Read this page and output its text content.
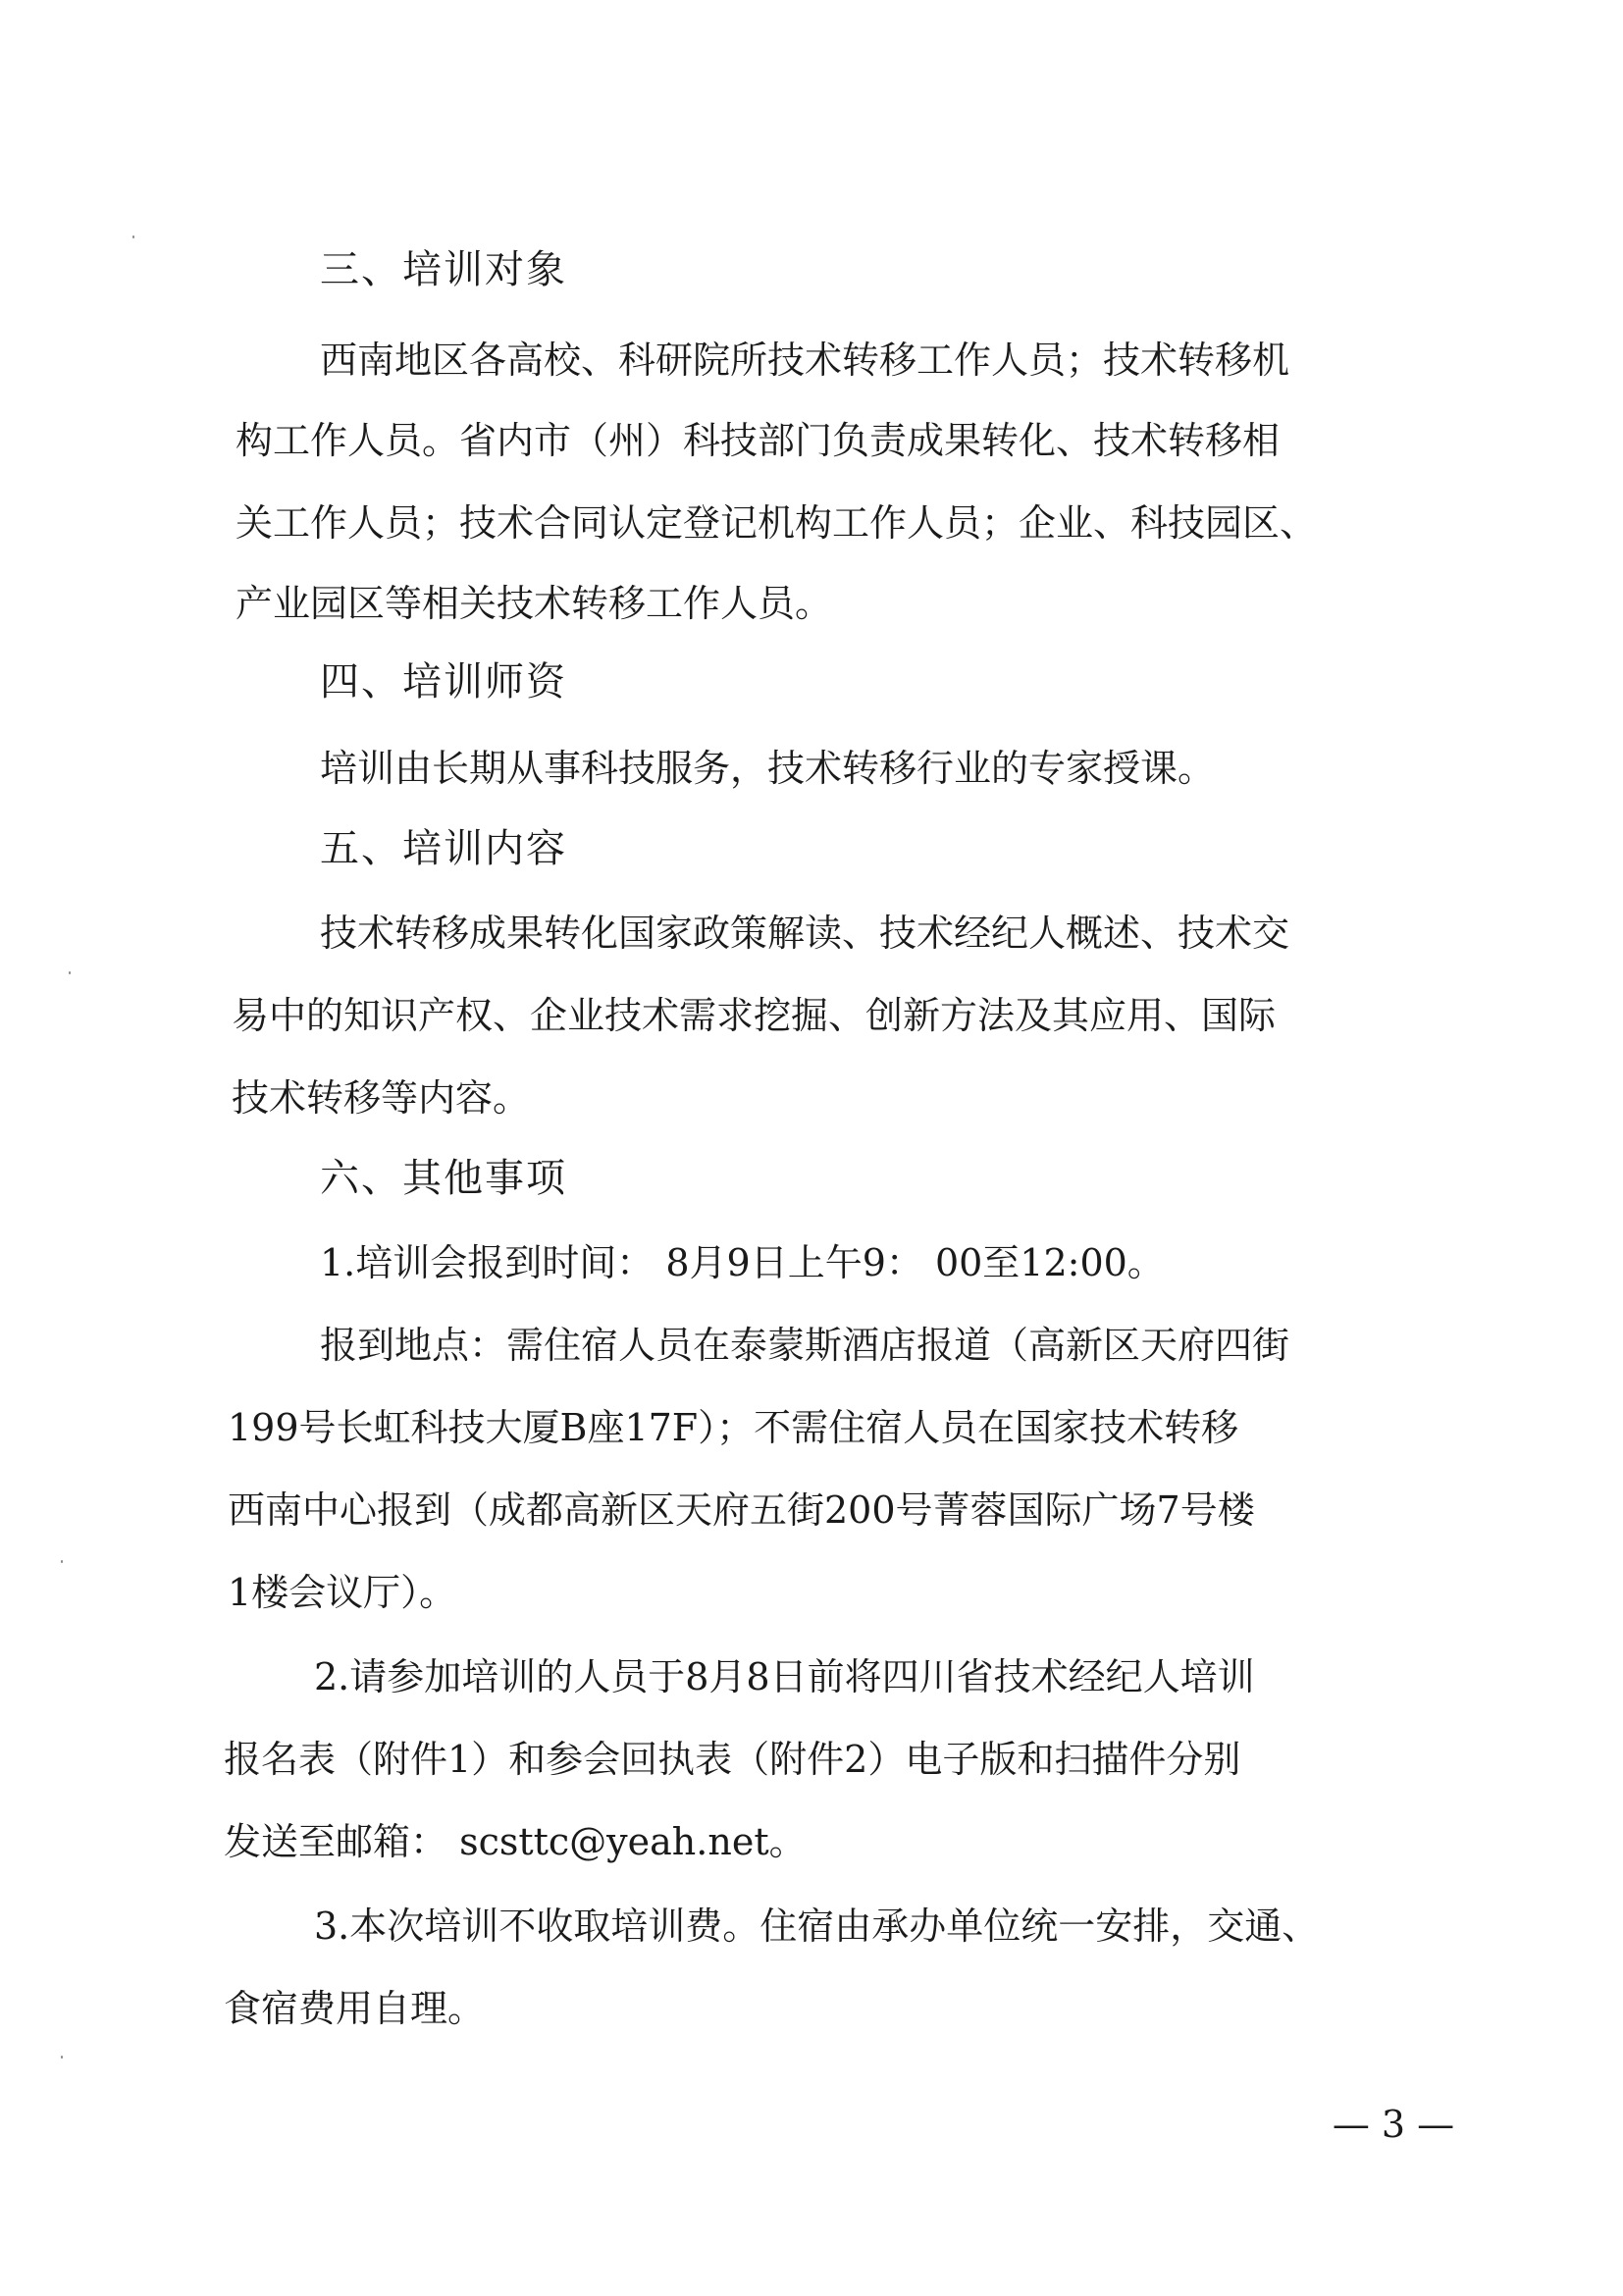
三、培训对象
西南地区各高校、科研院所技术转移工作人员；技术转移机
构工作人员。省内市（州）科技部门负责成果转化、技术转移相
关工作人员；技术合同认定登记机构工作人员；企业、科技园区、
产业园区等相关技术转移工作人员。
四、培训师资
培训由长期从事科技服务，技术转移行业的专家授课。
五、培训内容
技术转移成果转化国家政策解读、技术经纪人概述、技术交
易中的知识产权、企业技术需求挖掘、创新方法及其应用、国际
技术转移等内容。
六、其他事项
1.培训会报到时间： 8月9日上午9： 00至12:00。
报到地点：需住宿人员在泰蒙斯酒店报道（高新区天府四街
199号长虹科技大厦B座17F）；不需住宿人员在国家技术转移
西南中心报到（成都高新区天府五街200号菁蓉国际广场7号楼
1楼会议厅）。
2.请参加培训的人员于8月8日前将四川省技术经纪人培训
报名表（附件1）和参会回执表（附件2）电子版和扫描件分别
发送至邮箱： scsttc@yeah.net。
3.本次培训不收取培训费。住宿由承办单位统一安排，交通、
食宿费用自理。
— 3 —
